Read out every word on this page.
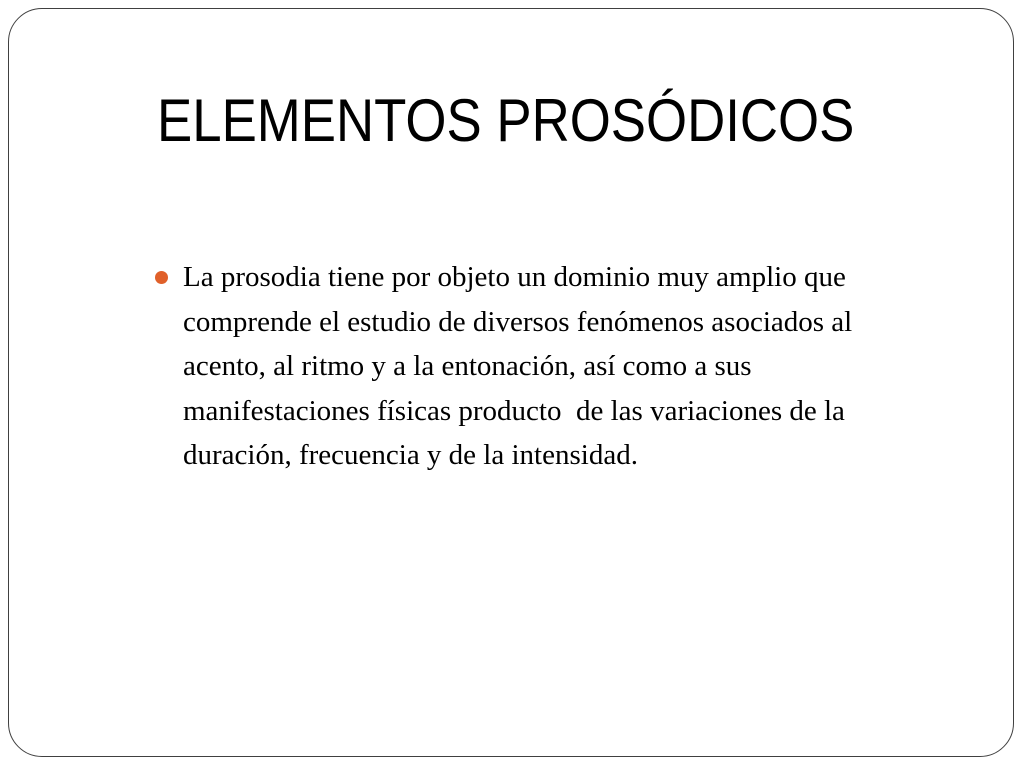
ELEMENTOS PROSÓDICOS
La prosodia tiene por objeto un dominio muy amplio que
comprende el estudio de diversos fenómenos asociados al
acento, al ritmo y a la entonación, así como a sus
manifestaciones físicas producto  de las variaciones de la
duración, frecuencia y de la intensidad.
